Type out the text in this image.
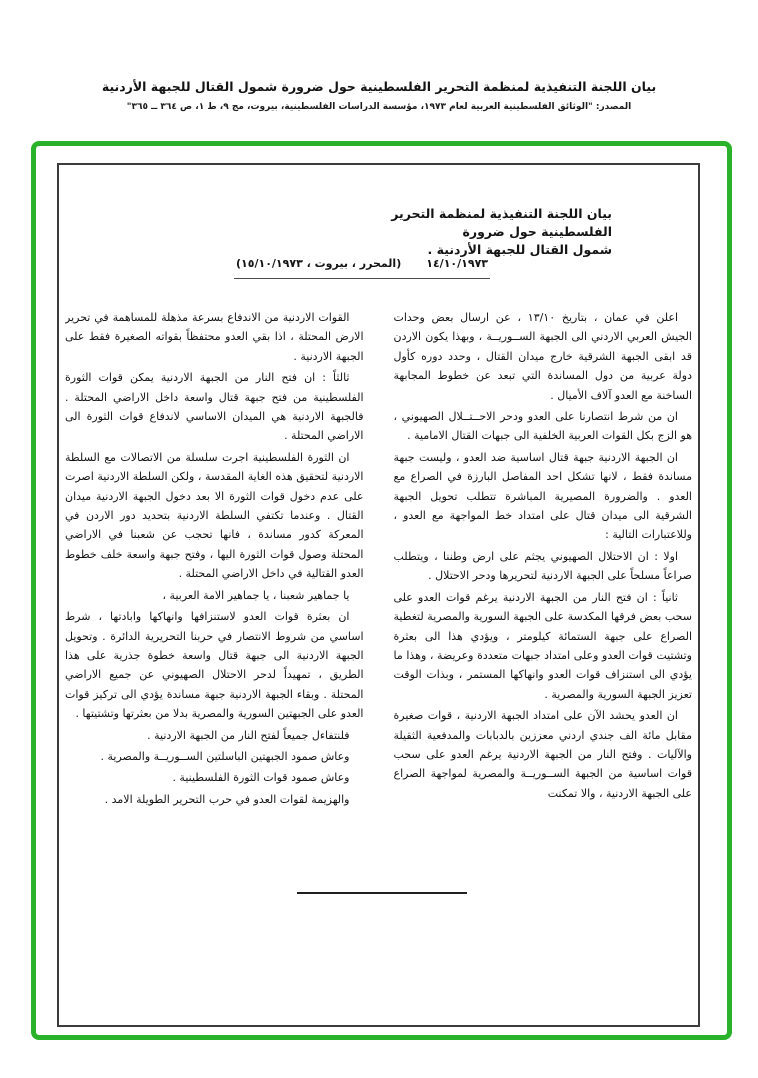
بيان اللجنة التنفيذية لمنظمة التحرير الفلسطينية حول ضرورة شمول القتال للجبهة الأردنية
المصدر: "الوثائق الفلسطينية العربية لعام ١٩٧٣، مؤسسة الدراسات الفلسطينية، بيروت، مج ٩، ط ١، ص ٣٦٤ ــ ٣٦٥"
بيان اللجنة التنفيذية لمنظمة التحرير الفلسطينية حول ضرورة
شمول القتال للجبهة الأردنية .
١٤/١٠/١٩٧٣
(المحرر ، بيروت ، ١٥/١٠/١٩٧٣)

اعلن في عمان ، بتاريخ ١٣/١٠ ، عن ارسال بعض وحدات الجيش العربي الاردني الى الجبهة الســوريــة ، وبهذا يكون الاردن قد ابقى الجبهة الشرقية خارج ميدان القتال ، وحدد دوره كأول دولة عربية من دول المساندة التي تبعد عن خطوط المجابهة الساخنة مع العدو آلاف الأميال .

ان من شرط انتصارنا على العدو ودحر الاحــتــلال الصهيوني ، هو الزج بكل القوات العربية الخلفية الى جبهات القتال الامامية .

ان الجبهة الاردنية جبهة قتال اساسية ضد العدو ، وليست جبهة مساندة فقط ، لانها تشكل احد المفاصل البارزة في الصراع مع العدو . والضرورة المصيرية المباشرة تتطلب تحويل الجبهة الشرقية الى ميدان قتال على امتداد خط المواجهة مع العدو ، وللاعتبارات التالية :

اولا : ان الاحتلال الصهيوني يجثم على ارض وطننا ، ويتطلب صراعاً مسلحاً على الجبهة الاردنية لتحريرها ودحر الاحتلال .

ثانياً : ان فتح النار من الجبهة الاردنية يرغم قوات العدو على سحب بعض فرقها المكدسة على الجبهة السورية والمصرية لتغطية الصراع على جبهة الستمائة كيلومتر ، ويؤدي هذا الى بعثرة وتشتيت قوات العدو وعلى امتداد جبهات متعددة وعريضة ، وهذا ما يؤدي الى استنزاف قوات العدو وانهاكها المستمر ، وبذات الوقت تعزيز الجبهة السورية والمصرية .

ان العدو يحشد الآن على امتداد الجبهة الاردنية ، قوات صغيرة مقابل مائة الف جندي اردني معززين بالدبابات والمدفعية الثقيلة والآليات . وفتح النار من الجبهة الاردنية يرغم العدو على سحب قوات اساسية من الجبهة الســوريــة والمصرية لمواجهة الصراع على الجبهة الاردنية ، والا تمكنت

القوات الاردنية من الاندفاع بسرعة مذهلة للمساهمة في تحرير الارض المحتلة ، اذا بقي العدو محتفظاً بقواته الصغيرة فقط على الجبهة الاردنية .

ثالثاً : ان فتح النار من الجبهة الاردنية يمكن قوات الثورة الفلسطينية من فتح جبهة قتال واسعة داخل الاراضي المحتلة . فالجبهة الاردنية هي الميدان الاساسي لاندفاع قوات الثورة الى الاراضي المحتلة .

ان الثورة الفلسطينية اجرت سلسلة من الاتصالات مع السلطة الاردنية لتحقيق هذه الغاية المقدسة ، ولكن السلطة الاردنية اصرت على عدم دخول قوات الثورة الا بعد دخول الجبهة الاردنية ميدان القتال . وعندما تكتفي السلطة الاردنية بتحديد دور الاردن في المعركة كدور مساندة ، فانها تحجب عن شعبنا في الاراضي المحتلة وصول قوات الثورة اليها ، وفتح جبهة واسعة خلف خطوط العدو القتالية في داخل الاراضي المحتلة .

يا جماهير شعبنا ، يا جماهير الامة العربية ،

ان بعثرة قوات العدو لاستنزافها وانهاكها وابادتها ، شرط اساسي من شروط الانتصار في حربنا التحريرية الدائرة . وتحويل الجبهة الاردنية الى جبهة قتال واسعة خطوة جذرية على هذا الطريق ، تمهيداً لدحر الاحتلال الصهيوني عن جميع الاراضي المحتلة . وبقاء الجبهة الاردنية جبهة مساندة يؤدي الى تركيز قوات العدو على الجبهتين السورية والمصرية بدلا من بعثرتها وتشتيتها .

فلنتفاءل جميعاً لفتح النار من الجبهة الاردنية .

وعاش صمود الجبهتين الباسلتين الســوريــة والمصرية .

وعاش صمود قوات الثورة الفلسطينية .

والهزيمة لقوات العدو في حرب التحرير الطويلة الامد .
